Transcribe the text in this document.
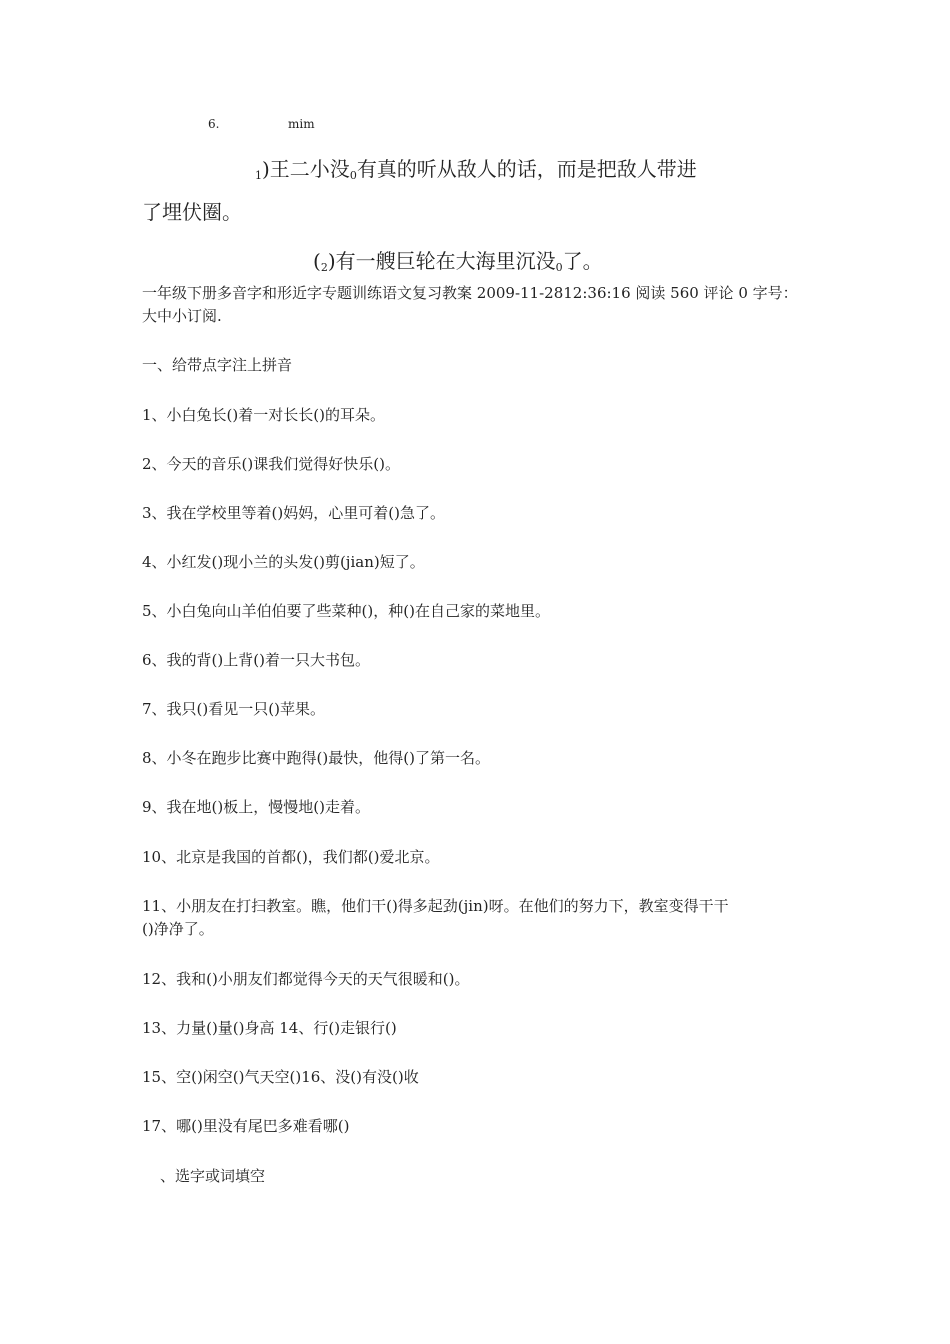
6.	mim
$_1$)王二小没$_0$有真的听从敌人的话，而是把敌人带进
了埋伏圈。
$(_2)$有一艘巨轮在大海里沉没$_0$了。
一年级下册多音字和形近字专题训练语文复习教案 2009-11-2812:36:16 阅读 560 评论 0 字号：
大中小订阅.
一、给带点字注上拼音
1、小白兔长()着一对长长()的耳朵。
2、今天的音乐()课我们觉得好快乐()。
3、我在学校里等着()妈妈，心里可着()急了。
4、小红发()现小兰的头发()剪(jian)短了。
5、小白兔向山羊伯伯要了些菜种()，种()在自己家的菜地里。
6、我的背()上背()着一只大书包。
7、我只()看见一只()苹果。
8、小冬在跑步比赛中跑得()最快，他得()了第一名。
9、我在地()板上，慢慢地()走着。
10、北京是我国的首都()，我们都()爱北京。
11、小朋友在打扫教室。瞧，他们干()得多起劲(jin)呀。在他们的努力下，教室变得干干
()净净了。
12、我和()小朋友们都觉得今天的天气很暖和()。
13、力量()量()身高 14、行()走银行()
15、空()闲空()气天空()16、没()有没()收
17、哪()里没有尾巴多难看哪()
、选字或词填空
